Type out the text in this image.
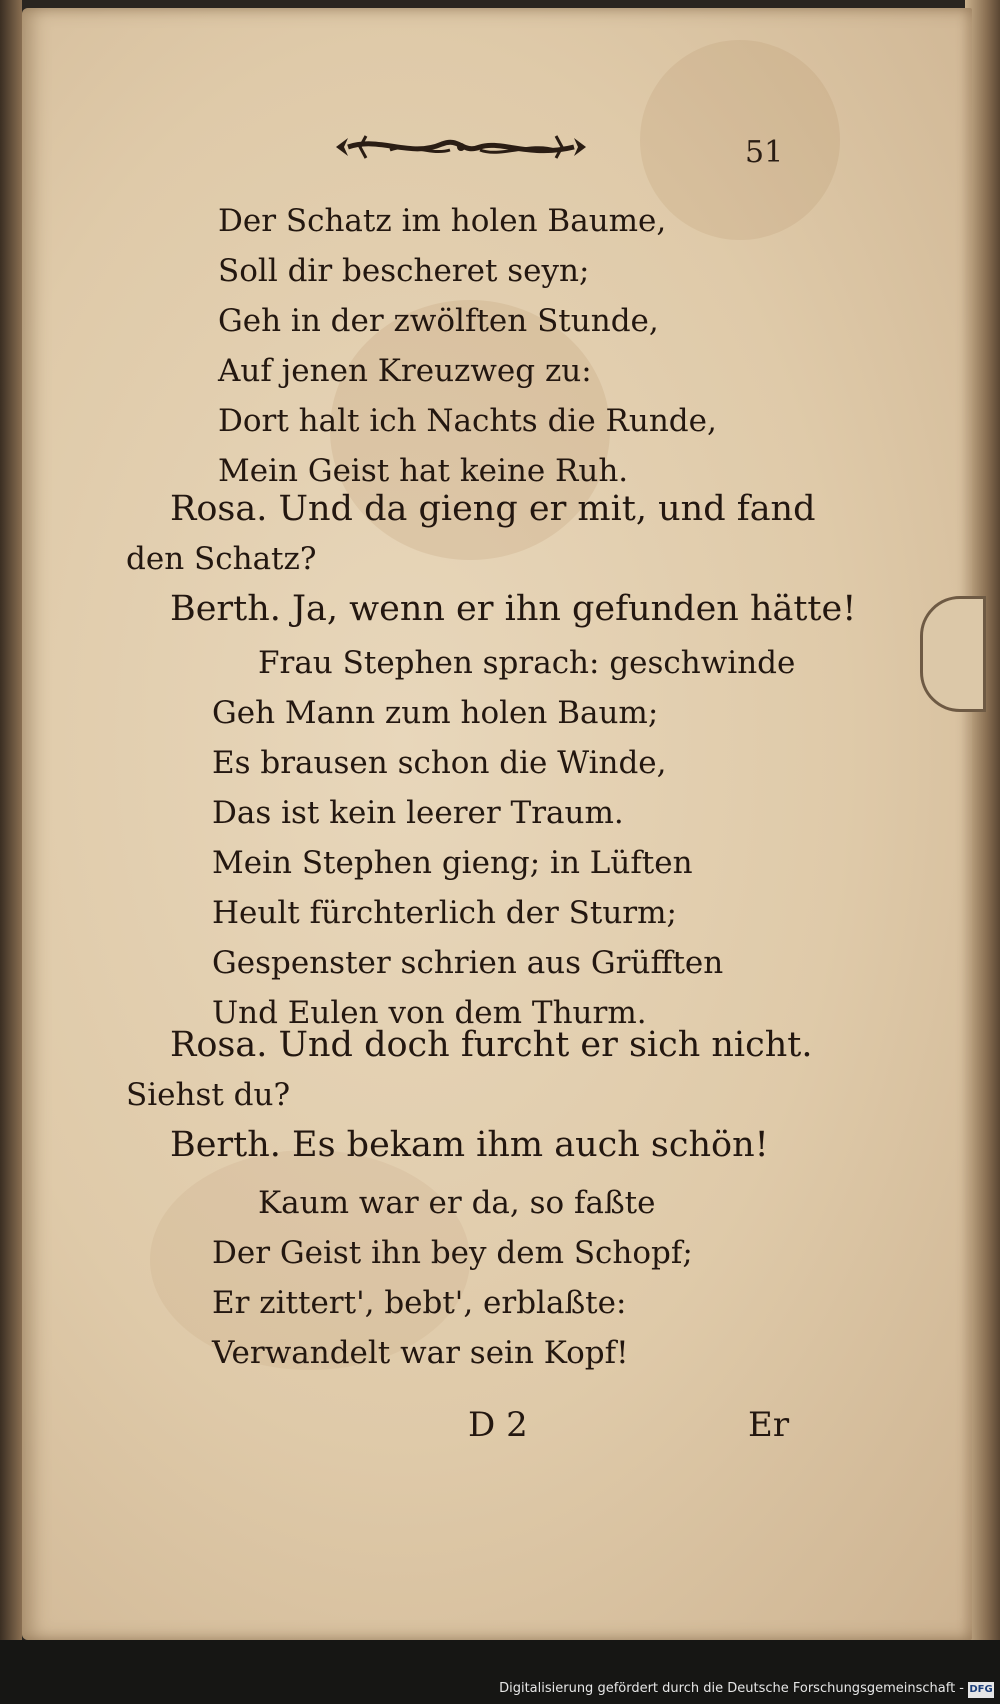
51
Der Schatz im holen Baume,
Soll dir bescheret seyn;
Geh in der zwölften Stunde,
Auf jenen Kreuzweg zu:
Dort halt ich Nachts die Runde,
Mein Geist hat keine Ruh.
Rosa. Und da gieng er mit, und fand
den Schatz?
Berth. Ja, wenn er ihn gefunden hätte!
Frau Stephen sprach: geschwinde
Geh Mann zum holen Baum;
Es brausen schon die Winde,
Das ist kein leerer Traum.
Mein Stephen gieng; in Lüften
Heult fürchterlich der Sturm;
Gespenster schrien aus Grüfften
Und Eulen von dem Thurm.
Rosa. Und doch furcht er sich nicht.
Siehst du?
Berth. Es bekam ihm auch schön!
Kaum war er da, so faßte
Der Geist ihn bey dem Schopf;
Er zittert', bebt', erblaßte:
Verwandelt war sein Kopf!
D 2	Er
Digitalisierung gefördert durch die Deutsche Forschungsgemeinschaft - DFG
